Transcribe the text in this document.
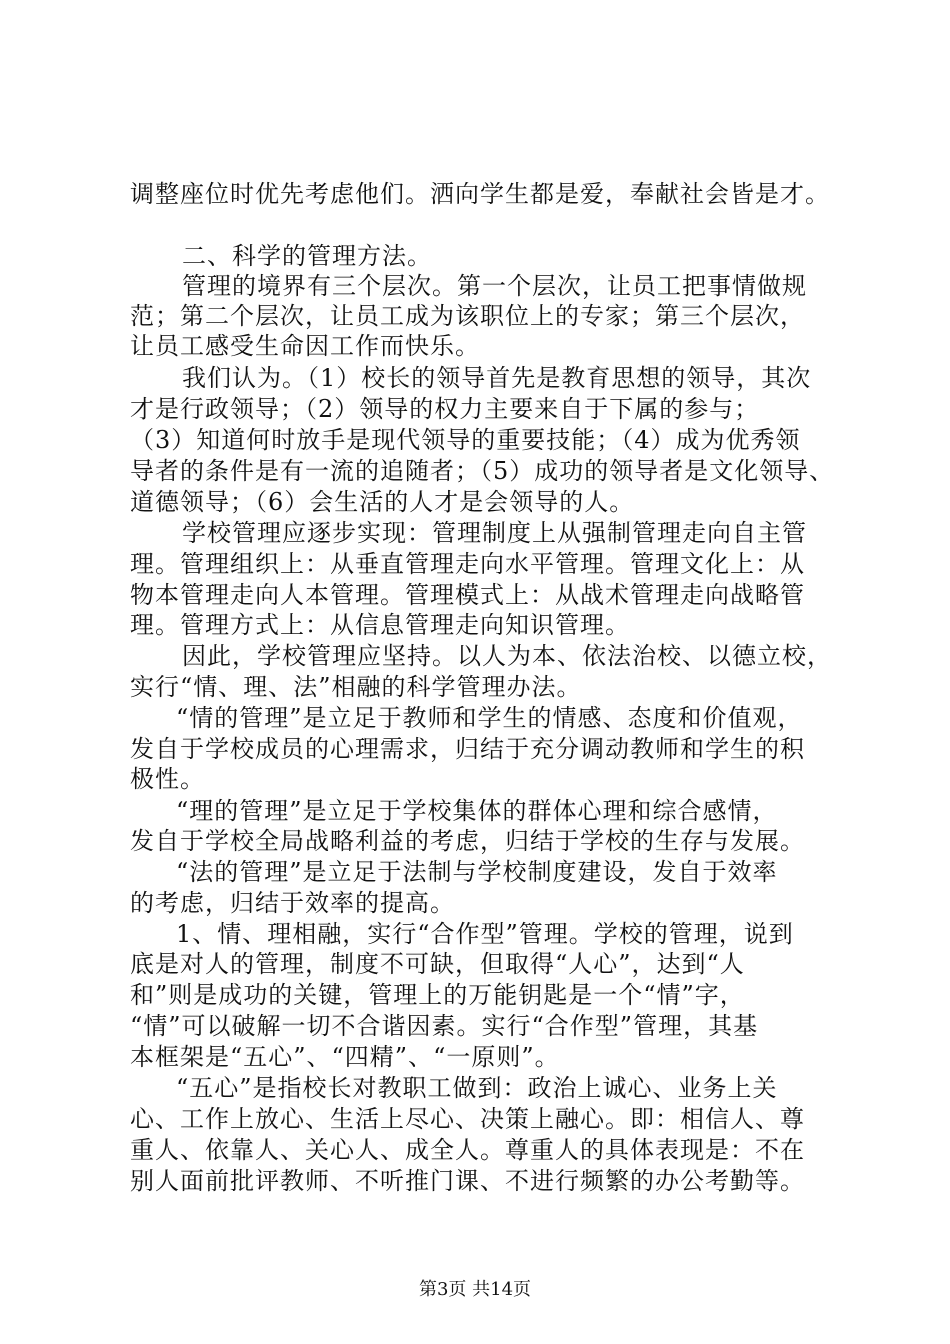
调整座位时优先考虑他们。洒向学生都是爱，奉献社会皆是才。
二、科学的管理方法。
管理的境界有三个层次。第一个层次，让员工把事情做规
范；第二个层次，让员工成为该职位上的专家；第三个层次，
让员工感受生命因工作而快乐。
我们认为。（1）校长的领导首先是教育思想的领导，其次
才是行政领导；（2）领导的权力主要来自于下属的参与；
（3）知道何时放手是现代领导的重要技能；（4）成为优秀领
导者的条件是有一流的追随者；（5）成功的领导者是文化领导、
道德领导；（6）会生活的人才是会领导的人。
学校管理应逐步实现：管理制度上从强制管理走向自主管
理。管理组织上：从垂直管理走向水平管理。管理文化上：从
物本管理走向人本管理。管理模式上：从战术管理走向战略管
理。管理方式上：从信息管理走向知识管理。
因此，学校管理应坚持。以人为本、依法治校、以德立校，
实行“情、理、法”相融的科学管理办法。
“情的管理”是立足于教师和学生的情感、态度和价值观，
发自于学校成员的心理需求，归结于充分调动教师和学生的积
极性。
“理的管理”是立足于学校集体的群体心理和综合感情，
发自于学校全局战略利益的考虑，归结于学校的生存与发展。
“法的管理”是立足于法制与学校制度建设，发自于效率
的考虑，归结于效率的提高。
1、情、理相融，实行“合作型”管理。学校的管理，说到
底是对人的管理，制度不可缺，但取得“人心”，达到“人
和”则是成功的关键，管理上的万能钥匙是一个“情”字，
“情”可以破解一切不合谐因素。实行“合作型”管理，其基
本框架是“五心”、“四精”、“一原则”。
“五心”是指校长对教职工做到：政治上诚心、业务上关
心、工作上放心、生活上尽心、决策上融心。即：相信人、尊
重人、依靠人、关心人、成全人。尊重人的具体表现是：不在
别人面前批评教师、不听推门课、不进行频繁的办公考勤等。
第3页 共14页
